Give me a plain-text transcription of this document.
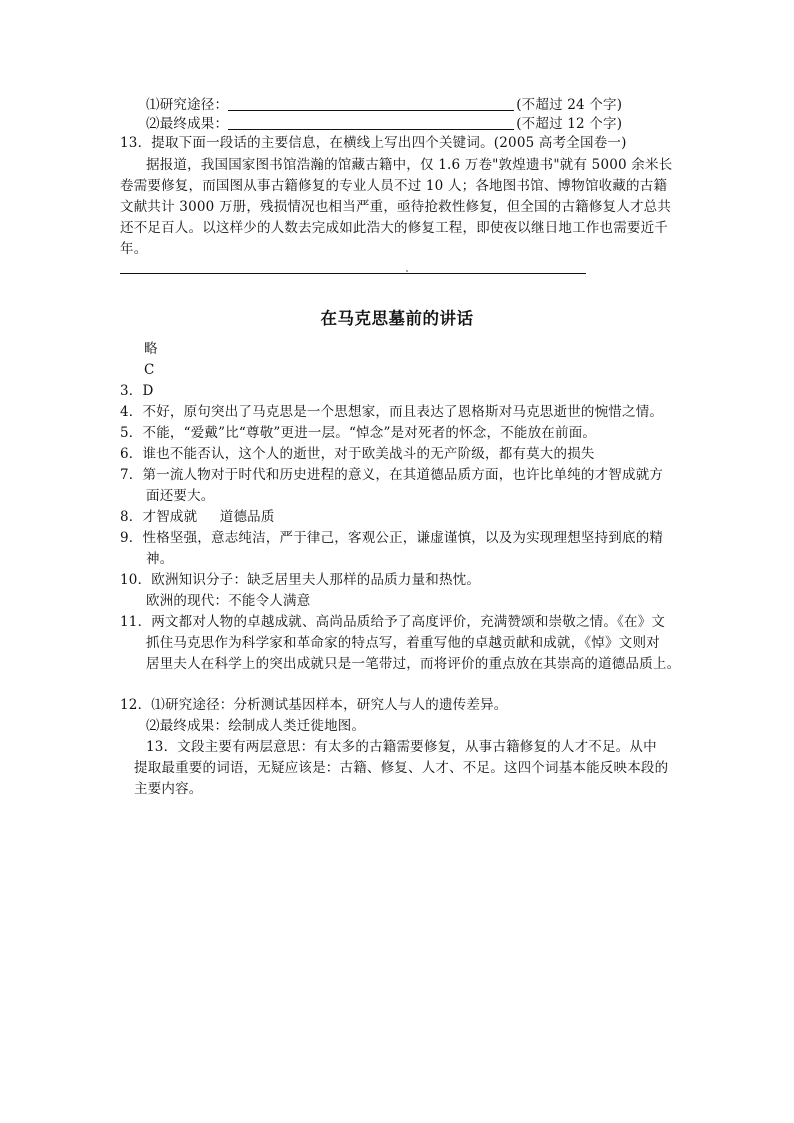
⑴研究途径：	(不超过 24 个字)
⑵最终成果：	(不超过 12 个字)
13．提取下面一段话的主要信息，在横线上写出四个关键词。(2005 高考全国卷一)
据报道，我国国家图书馆浩瀚的馆藏古籍中，仅 1.6 万卷"敦煌遗书"就有 5000 余米长
卷需要修复，而国图从事古籍修复的专业人员不过 10 人；各地图书馆、博物馆收藏的古籍
文献共计 3000 万册，残损情况也相当严重，亟待抢救性修复，但全国的古籍修复人才总共
还不足百人。以这样少的人数去完成如此浩大的修复工程，即使夜以继日地工作也需要近千
年。
在马克思墓前的讲话
略
C
3．D
4．不好，原句突出了马克思是一个思想家，而且表达了恩格斯对马克思逝世的惋惜之情。
5．不能，“爱戴”比“尊敬”更进一层。“悼念”是对死者的怀念，不能放在前面。
6．谁也不能否认，这个人的逝世，对于欧美战斗的无产阶级，都有莫大的损失
7．第一流人物对于时代和历史进程的意义，在其道德品质方面，也许比单纯的才智成就方
面还要大。
8．才智成就     道德品质
9．性格坚强，意志纯洁，严于律己，客观公正，谦虚谨慎，以及为实现理想坚持到底的精
神。
10．欧洲知识分子：缺乏居里夫人那样的品质力量和热忱。
欧洲的现代：不能令人满意
11．两文都对人物的卓越成就、高尚品质给予了高度评价，充满赞颂和崇敬之情。《在》文
抓住马克思作为科学家和革命家的特点写，着重写他的卓越贡献和成就，《悼》文则对
居里夫人在科学上的突出成就只是一笔带过，而将评价的重点放在其崇高的道德品质上。
12．⑴研究途径：分析测试基因样本，研究人与人的遗传差异。
⑵最终成果：绘制成人类迁徙地图。
13．文段主要有两层意思：有太多的古籍需要修复，从事古籍修复的人才不足。从中
提取最重要的词语，无疑应该是：古籍、修复、人才、不足。这四个词基本能反映本段的
主要内容。
